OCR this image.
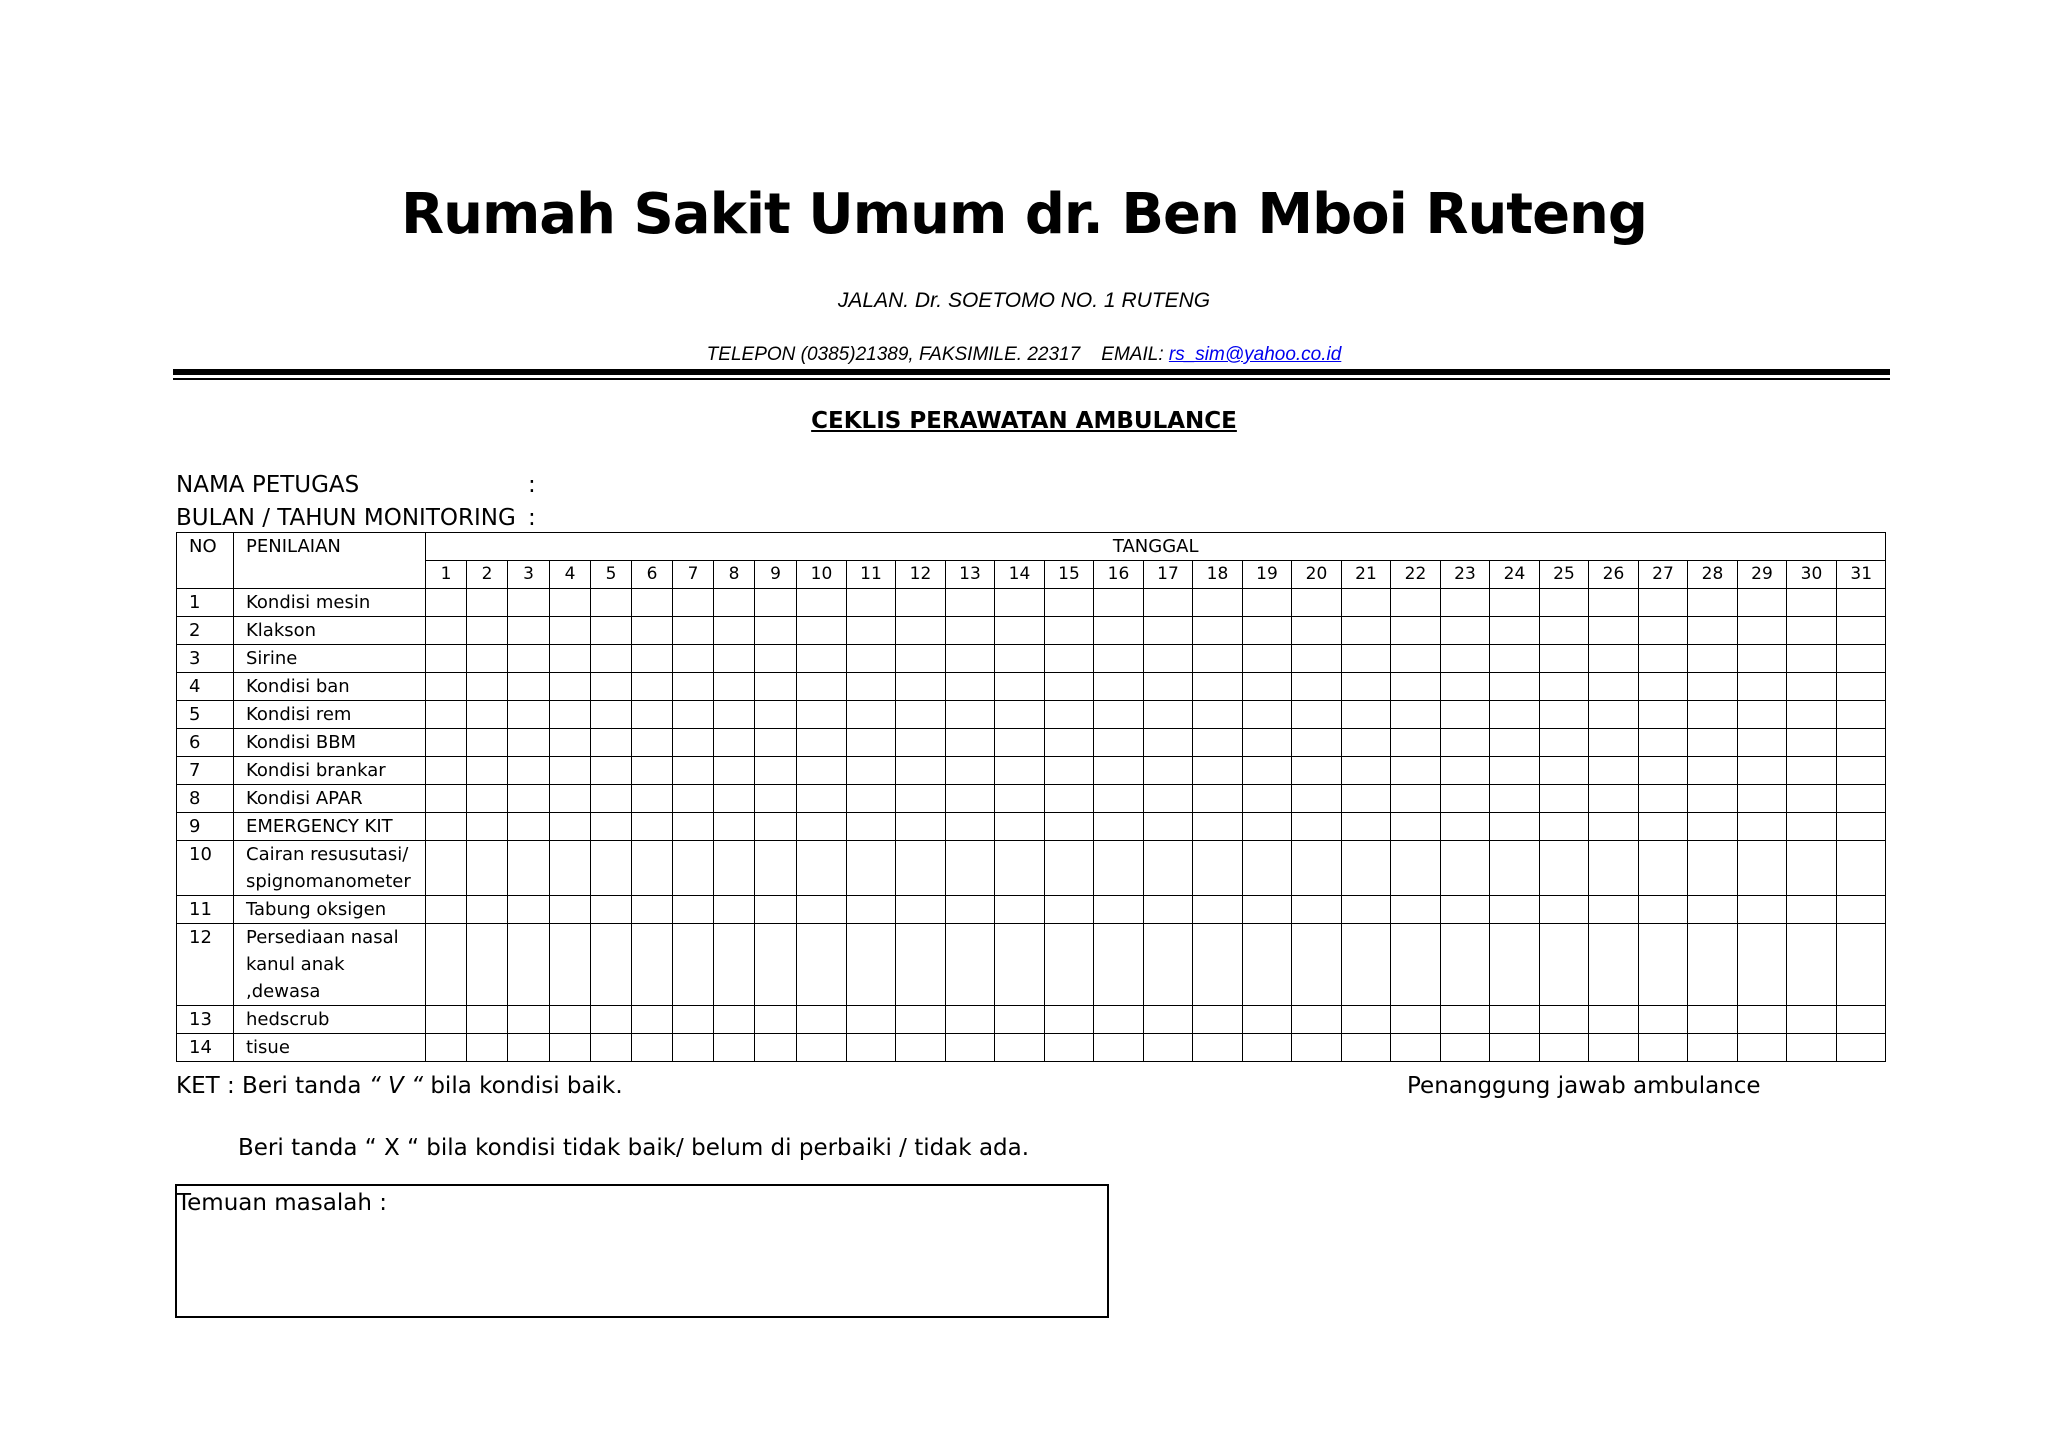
Rumah Sakit Umum dr. Ben Mboi Ruteng
JALAN. Dr. SOETOMO NO. 1 RUTENG
TELEPON (0385)21389, FAKSIMILE. 22317    EMAIL: rs_sim@yahoo.co.id
CEKLIS PERAWATAN AMBULANCE
NAMA PETUGAS	:
BULAN / TAHUN MONITORING :
NO	PENILAIAN	TANGGAL																														
		1	2	3	4	5	6	7	8	9	10	11	12	13	14	15	16	17	18	19	20	21	22	23	24	25	26	27	28	29	30	31
1	Kondisi mesin																															

2	Klakson																															

3	Sirine																															

4	Kondisi ban																															

5	Kondisi rem																															

6	Kondisi BBM																															

7	Kondisi brankar																															

8	Kondisi APAR																															

9	EMERGENCY KIT																															

10	Cairan resusutasi/
spignomanometer																															

11	Tabung oksigen																															

12	Persediaan nasal
kanul anak
,dewasa																															

13	hedscrub																															

14	tisue																															

KET : Beri tanda “ V “ bila kondisi baik.	Penanggung jawab ambulance
Beri tanda “ X “ bila kondisi tidak baik/ belum di perbaiki / tidak ada.
Temuan masalah :
